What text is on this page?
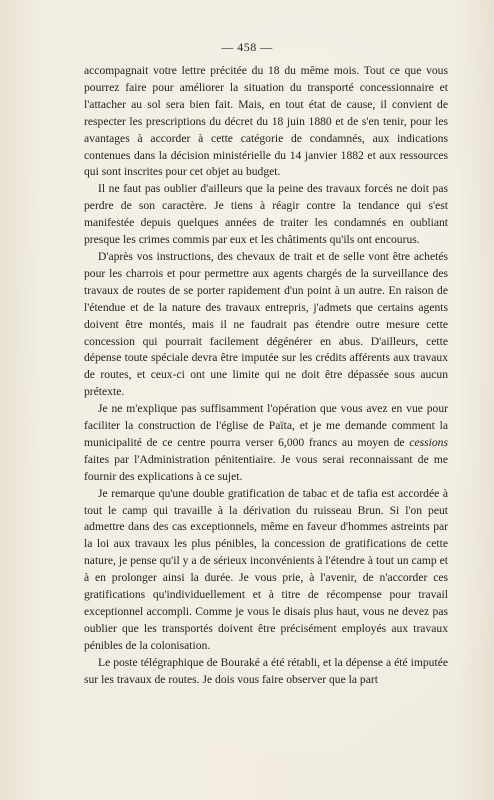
— 458 —

accompagnait votre lettre précitée du 18 du même mois. Tout ce que vous pourrez faire pour améliorer la situation du transporté concessionnaire et l'attacher au sol sera bien fait. Mais, en tout état de cause, il convient de respecter les prescriptions du décret du 18 juin 1880 et de s'en tenir, pour les avantages à accorder à cette catégorie de condamnés, aux indications contenues dans la décision ministérielle du 14 janvier 1882 et aux ressources qui sont inscrites pour cet objet au budget.

Il ne faut pas oublier d'ailleurs que la peine des travaux forcés ne doit pas perdre de son caractère. Je tiens à réagir contre la tendance qui s'est manifestée depuis quelques années de traiter les condamnés en oubliant presque les crimes commis par eux et les châtiments qu'ils ont encourus.

D'après vos instructions, des chevaux de trait et de selle vont être achetés pour les charrois et pour permettre aux agents chargés de la surveillance des travaux de routes de se porter rapidement d'un point à un autre. En raison de l'étendue et de la nature des travaux entrepris, j'admets que certains agents doivent être montés, mais il ne faudrait pas étendre outre mesure cette concession qui pourrait facilement dégénérer en abus. D'ailleurs, cette dépense toute spéciale devra être imputée sur les crédits afférents aux travaux de routes, et ceux-ci ont une limite qui ne doit être dépassée sous aucun prétexte.

Je ne m'explique pas suffisamment l'opération que vous avez en vue pour faciliter la construction de l'église de Païta, et je me demande comment la municipalité de ce centre pourra verser 6,000 francs au moyen de cessions faites par l'Administration pénitentiaire. Je vous serai reconnaissant de me fournir des explications à ce sujet.

Je remarque qu'une double gratification de tabac et de tafia est accordée à tout le camp qui travaille à la dérivation du ruisseau Brun. Si l'on peut admettre dans des cas exceptionnels, même en faveur d'hommes astreints par la loi aux travaux les plus pénibles, la concession de gratifications de cette nature, je pense qu'il y a de sérieux inconvénients à l'étendre à tout un camp et à en prolonger ainsi la durée. Je vous prie, à l'avenir, de n'accorder ces gratifications qu'individuellement et à titre de récompense pour travail exceptionnel accompli. Comme je vous le disais plus haut, vous ne devez pas oublier que les transportés doivent être précisément employés aux travaux pénibles de la colonisation.

Le poste télégraphique de Bouraké a été rétabli, et la dépense a été imputée sur les travaux de routes. Je dois vous faire observer que la part
